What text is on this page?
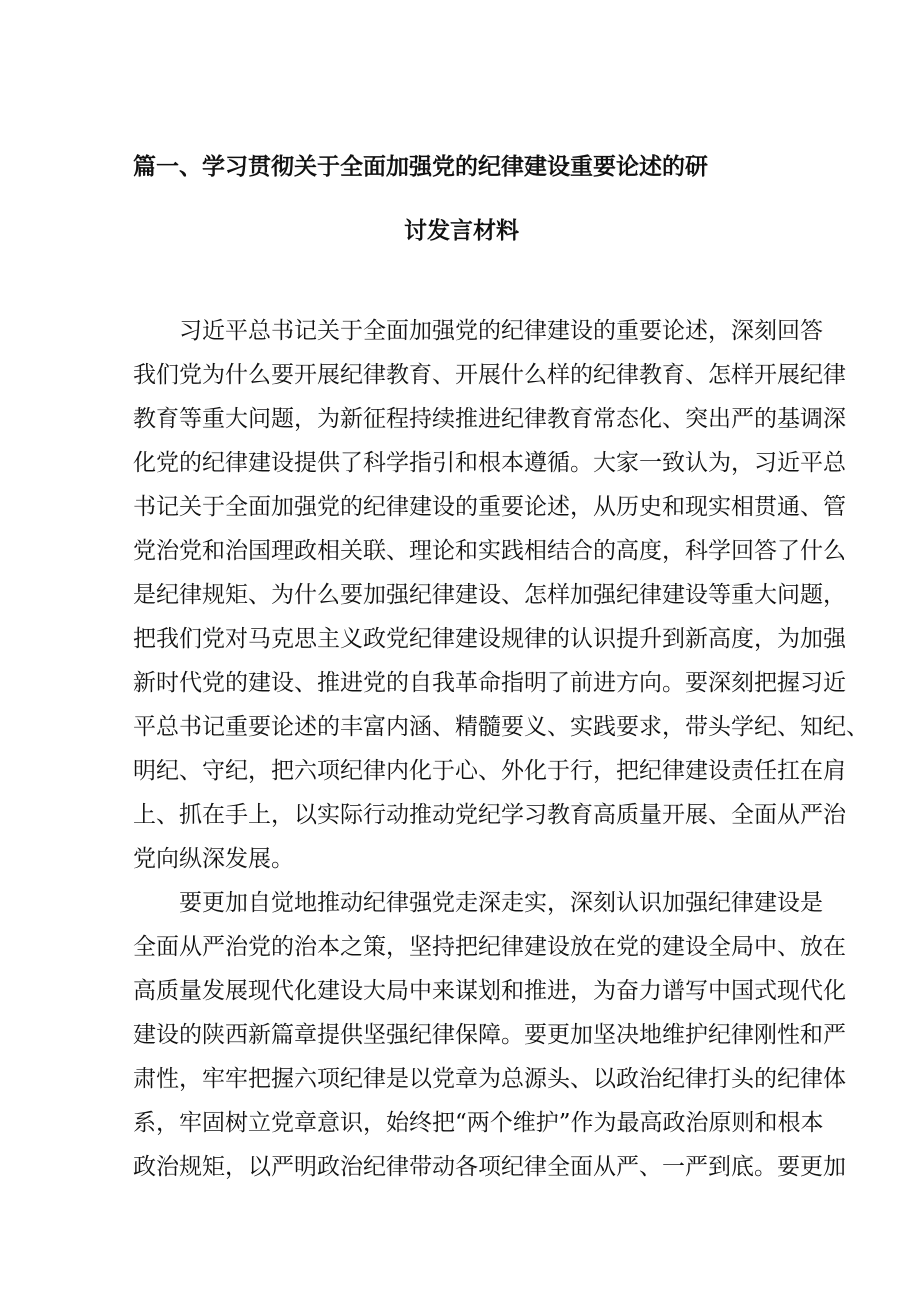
篇一、学习贯彻关于全面加强党的纪律建设重要论述的研
讨发言材料
习近平总书记关于全面加强党的纪律建设的重要论述，深刻回答
我们党为什么要开展纪律教育、开展什么样的纪律教育、怎样开展纪律
教育等重大问题，为新征程持续推进纪律教育常态化、突出严的基调深
化党的纪律建设提供了科学指引和根本遵循。大家一致认为，习近平总
书记关于全面加强党的纪律建设的重要论述，从历史和现实相贯通、管
党治党和治国理政相关联、理论和实践相结合的高度，科学回答了什么
是纪律规矩、为什么要加强纪律建设、怎样加强纪律建设等重大问题，
把我们党对马克思主义政党纪律建设规律的认识提升到新高度，为加强
新时代党的建设、推进党的自我革命指明了前进方向。要深刻把握习近
平总书记重要论述的丰富内涵、精髓要义、实践要求，带头学纪、知纪、
明纪、守纪，把六项纪律内化于心、外化于行，把纪律建设责任扛在肩
上、抓在手上，以实际行动推动党纪学习教育高质量开展、全面从严治
党向纵深发展。
要更加自觉地推动纪律强党走深走实，深刻认识加强纪律建设是
全面从严治党的治本之策，坚持把纪律建设放在党的建设全局中、放在
高质量发展现代化建设大局中来谋划和推进，为奋力谱写中国式现代化
建设的陕西新篇章提供坚强纪律保障。要更加坚决地维护纪律刚性和严
肃性，牢牢把握六项纪律是以党章为总源头、以政治纪律打头的纪律体
系，牢固树立党章意识，始终把“两个维护”作为最高政治原则和根本
政治规矩，以严明政治纪律带动各项纪律全面从严、一严到底。要更加
